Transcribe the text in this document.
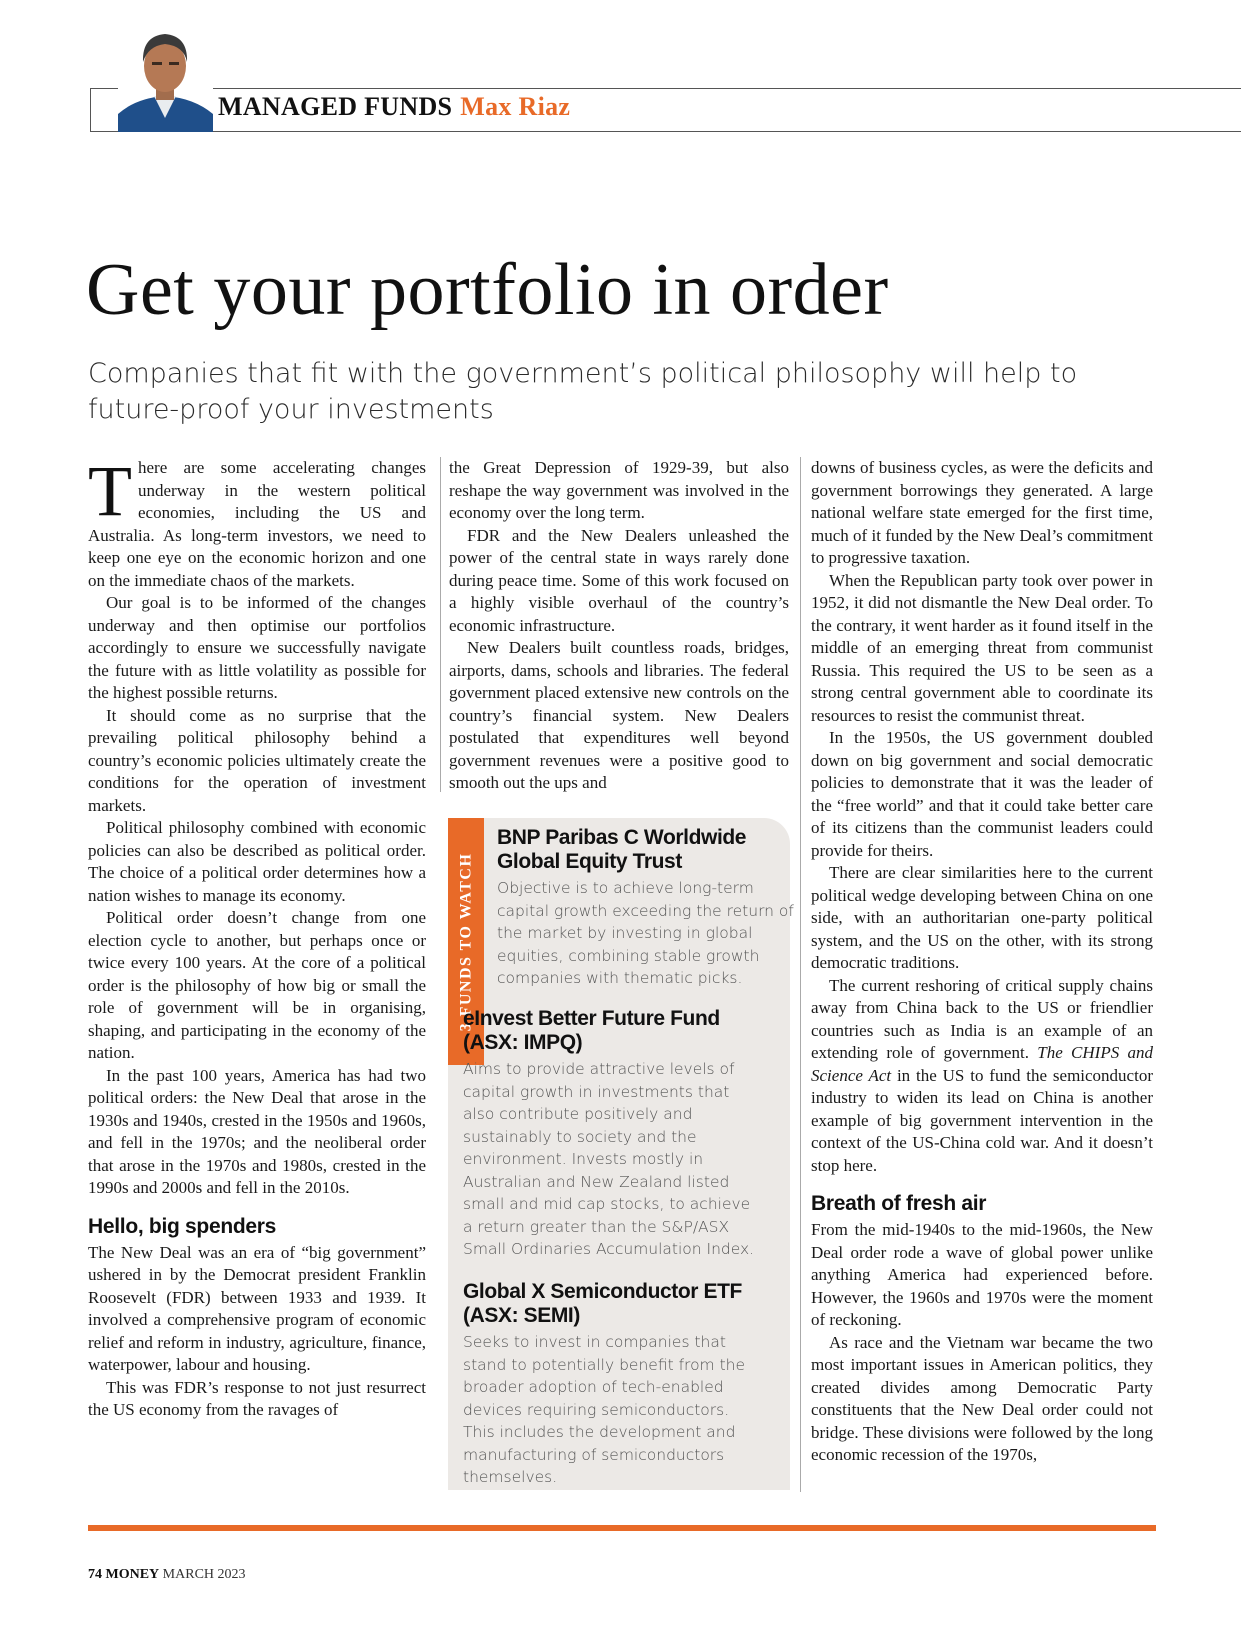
MANAGED FUNDS Max Riaz
Get your portfolio in order

Companies that fit with the government’s political philosophy will help to future-proof your investments

There are some accelerating changes underway in the western political economies, including the US and Australia. As long-term investors, we need to keep one eye on the economic horizon and one on the immediate chaos of the markets.

Our goal is to be informed of the changes underway and then optimise our portfolios accordingly to ensure we successfully navigate the future with as little volatility as possible for the highest possible returns.

It should come as no surprise that the prevailing political philosophy behind a country’s economic policies ultimately create the conditions for the operation of investment markets.

Political philosophy combined with economic policies can also be described as political order. The choice of a political order determines how a nation wishes to manage its economy.

Political order doesn’t change from one election cycle to another, but perhaps once or twice every 100 years. At the core of a political order is the philosophy of how big or small the role of government will be in organising, shaping, and participating in the economy of the nation.

In the past 100 years, America has had two political orders: the New Deal that arose in the 1930s and 1940s, crested in the 1950s and 1960s, and fell in the 1970s; and the neoliberal order that arose in the 1970s and 1980s, crested in the 1990s and 2000s and fell in the 2010s.

Hello, big spenders

The New Deal was an era of “big government” ushered in by the Democrat president Franklin Roosevelt (FDR) between 1933 and 1939. It involved a comprehensive program of economic relief and reform in industry, agriculture, finance, waterpower, labour and housing.

This was FDR’s response to not just resurrect the US economy from the ravages of

the Great Depression of 1929-39, but also reshape the way government was involved in the economy over the long term.

FDR and the New Dealers unleashed the power of the central state in ways rarely done during peace time. Some of this work focused on a highly visible overhaul of the country’s economic infrastructure.

New Dealers built countless roads, bridges, airports, dams, schools and libraries. The federal government placed extensive new controls on the country’s financial system. New Dealers postulated that expenditures well beyond government revenues were a positive good to smooth out the ups and

3 FUNDS TO WATCH
BNP Paribas C Worldwide Global Equity Trust

Objective is to achieve long-term capital growth exceeding the return of the market by investing in global equities, combining stable growth companies with thematic picks.

eInvest Better Future Fund (ASX: IMPQ)

Aims to provide attractive levels of capital growth in investments that also contribute positively and sustainably to society and the environment. Invests mostly in Australian and New Zealand listed small and mid cap stocks, to achieve a return greater than the S&P/ASX Small Ordinaries Accumulation Index.

Global X Semiconductor ETF (ASX: SEMI)

Seeks to invest in companies that stand to potentially benefit from the broader adoption of tech-enabled devices requiring semiconductors. This includes the development and manufacturing of semiconductors themselves.

downs of business cycles, as were the deficits and government borrowings they generated. A large national welfare state emerged for the first time, much of it funded by the New Deal’s commitment to progressive taxation.

When the Republican party took over power in 1952, it did not dismantle the New Deal order. To the contrary, it went harder as it found itself in the middle of an emerging threat from communist Russia. This required the US to be seen as a strong central government able to coordinate its resources to resist the communist threat.

In the 1950s, the US government doubled down on big government and social democratic policies to demonstrate that it was the leader of the “free world” and that it could take better care of its citizens than the communist leaders could provide for theirs.

There are clear similarities here to the current political wedge developing between China on one side, with an authoritarian one-party political system, and the US on the other, with its strong democratic traditions.

The current reshoring of critical supply chains away from China back to the US or friendlier countries such as India is an example of an extending role of government. The CHIPS and Science Act in the US to fund the semiconductor industry to widen its lead on China is another example of big government intervention in the context of the US-China cold war. And it doesn’t stop here.

Breath of fresh air

From the mid-1940s to the mid-1960s, the New Deal order rode a wave of global power unlike anything America had experienced before. However, the 1960s and 1970s were the moment of reckoning.

As race and the Vietnam war became the two most important issues in American politics, they created divides among Democratic Party constituents that the New Deal order could not bridge. These divisions were followed by the long economic recession of the 1970s,

74 MONEY MARCH 2023
